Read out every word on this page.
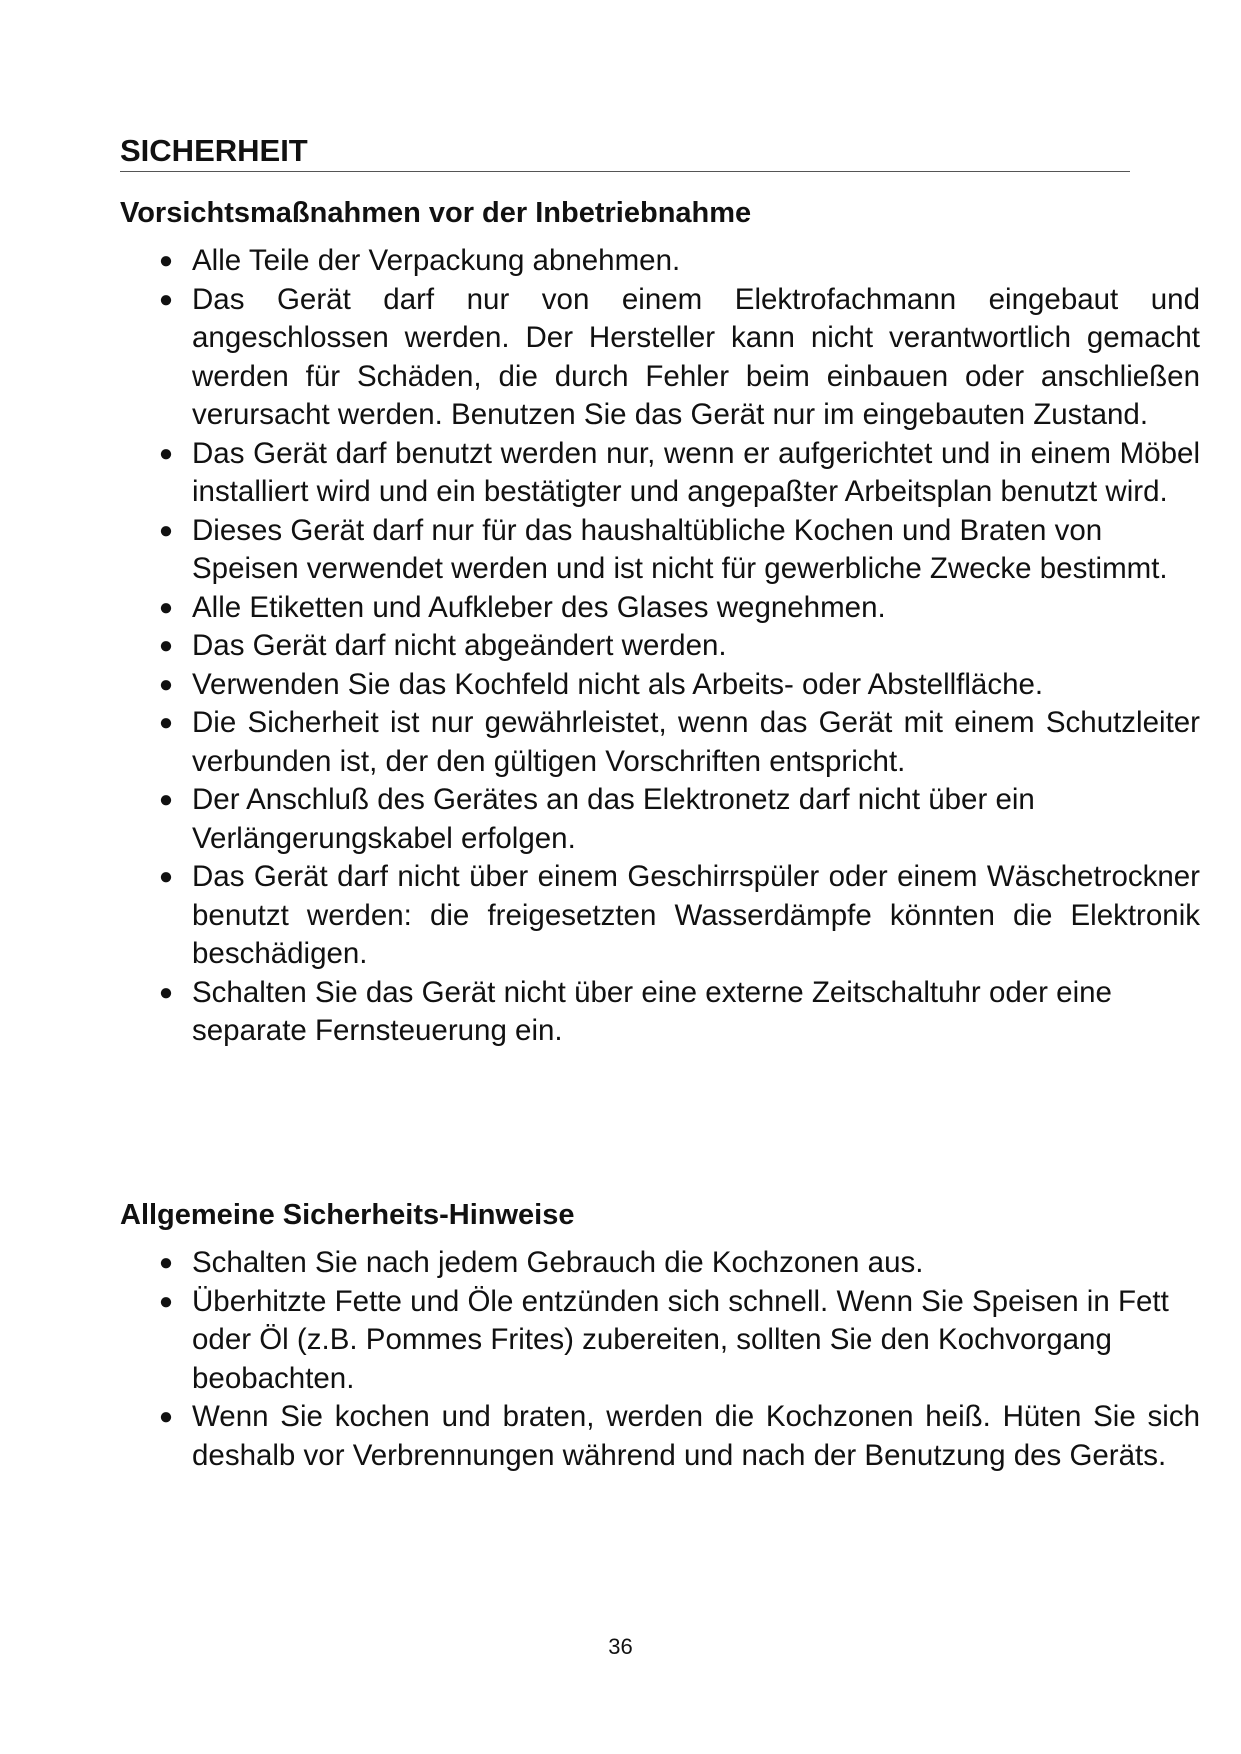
SICHERHEIT
Vorsichtsmaßnahmen vor der Inbetriebnahme
● Alle Teile der Verpackung abnehmen.
● Das Gerät darf nur von einem Elektrofachmann eingebaut und angeschlossen werden. Der Hersteller kann nicht verantwortlich gemacht werden für Schäden, die durch Fehler beim einbauen oder anschließen verursacht werden. Benutzen Sie das Gerät nur im eingebauten Zustand.
● Das Gerät darf benutzt werden nur, wenn er aufgerichtet und in einem Möbel installiert wird und ein bestätigter und angepaßter Arbeitsplan benutzt wird.
● Dieses Gerät darf nur für das haushaltübliche Kochen und Braten von Speisen verwendet werden und ist nicht für gewerbliche Zwecke bestimmt.
● Alle Etiketten und Aufkleber des Glases wegnehmen.
● Das Gerät darf nicht abgeändert werden.
● Verwenden Sie das Kochfeld nicht als Arbeits- oder Abstellfläche.
● Die Sicherheit ist nur gewährleistet, wenn das Gerät mit einem Schutzleiter verbunden ist, der den gültigen Vorschriften entspricht.
● Der Anschluß des Gerätes an das Elektronetz darf nicht über ein Verlängerungskabel erfolgen.
● Das Gerät darf nicht über einem Geschirrspüler oder einem Wäschetrockner benutzt werden: die freigesetzten Wasserdämpfe könnten die Elektronik beschädigen.
● Schalten Sie das Gerät nicht über eine externe Zeitschaltuhr oder eine separate Fernsteuerung ein.
Allgemeine Sicherheits-Hinweise
● Schalten Sie nach jedem Gebrauch die Kochzonen aus.
● Überhitzte Fette und Öle entzünden sich schnell. Wenn Sie Speisen in Fett oder Öl (z.B. Pommes Frites) zubereiten, sollten Sie den Kochvorgang beobachten.
● Wenn Sie kochen und braten, werden die Kochzonen heiß. Hüten Sie sich deshalb vor Verbrennungen während und nach der Benutzung des Geräts.
36
